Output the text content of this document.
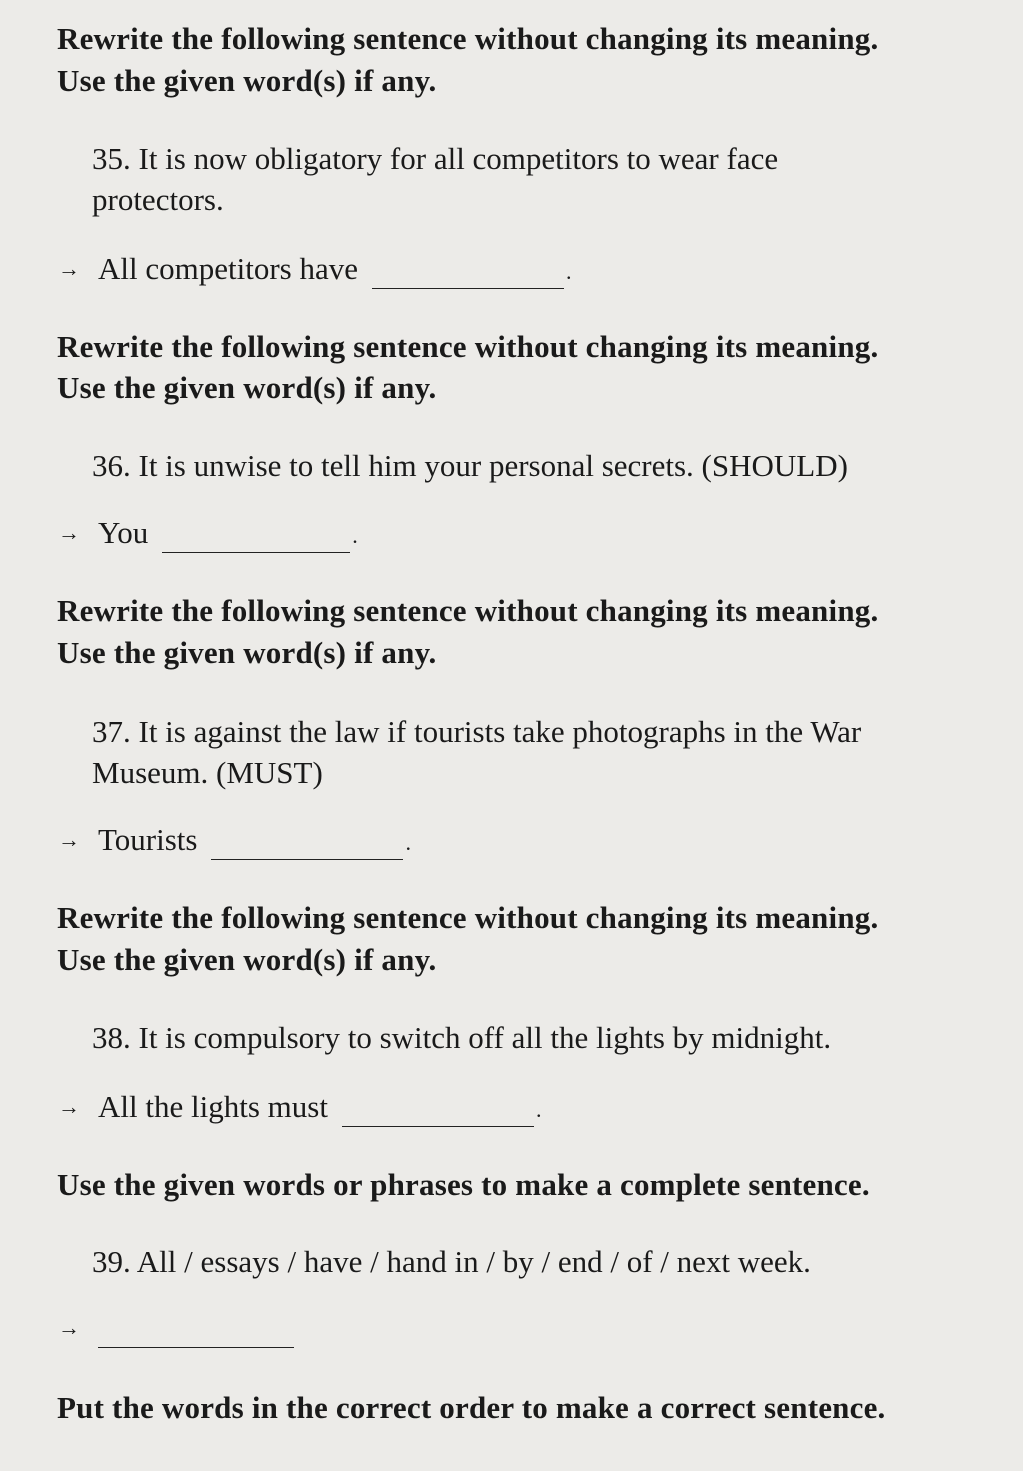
Rewrite the following sentence without changing its meaning.
Use the given word(s) if any.
35. It is now obligatory for all competitors to wear face
protectors.
→ All competitors have	.
Rewrite the following sentence without changing its meaning.
Use the given word(s) if any.
36. It is unwise to tell him your personal secrets. (SHOULD)
→ You	.
Rewrite the following sentence without changing its meaning.
Use the given word(s) if any.
37. It is against the law if tourists take photographs in the War
Museum. (MUST)
→ Tourists	.
Rewrite the following sentence without changing its meaning.
Use the given word(s) if any.
38. It is compulsory to switch off all the lights by midnight.
→ All the lights must	.
Use the given words or phrases to make a complete sentence.
39. All / essays / have / hand in / by / end / of / next week.
→
Put the words in the correct order to make a correct sentence.
